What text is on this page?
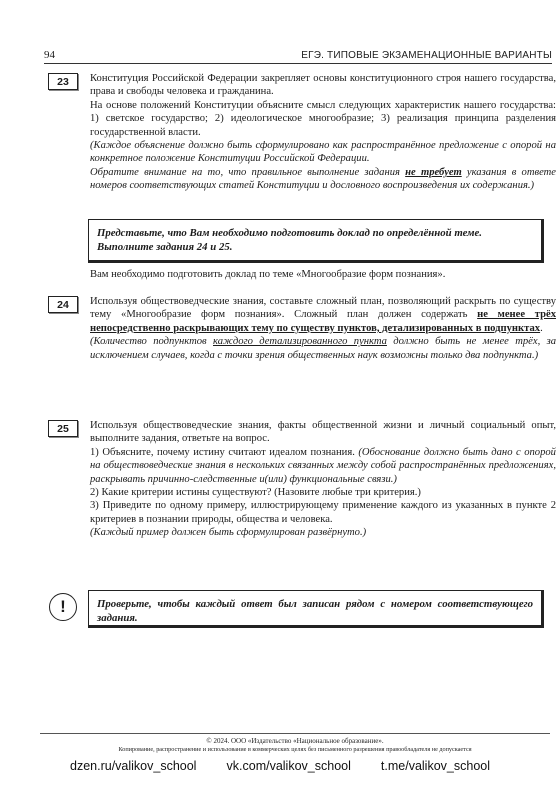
94	ЕГЭ. ТИПОВЫЕ ЭКЗАМЕНАЦИОННЫЕ ВАРИАНТЫ
23	Конституция Российской Федерации закрепляет основы конституционного строя нашего государства, права и свободы человека и гражданина.

На основе положений Конституции объясните смысл следующих характеристик нашего государства: 1) светское государство; 2) идеологическое многообразие; 3) реализация принципа разделения государственной власти.

(Каждое объяснение должно быть сформулировано как распространённое предложение с опорой на конкретное положение Конституции Российской Федерации.

Обратите внимание на то, что правильное выполнение задания не требует указания в ответе номеров соответствующих статей Конституции и дословного воспроизведения их содержания.)

Представьте, что Вам необходимо подготовить доклад по определённой теме. Выполните задания 24 и 25.
Вам необходимо подготовить доклад по теме «Многообразие форм познания».
24	Используя обществоведческие знания, составьте сложный план, позволяющий раскрыть по существу тему «Многообразие форм познания». Сложный план должен содержать не менее трёх непосредственно раскрывающих тему по существу пунктов, детализированных в подпунктах.

(Количество подпунктов каждого детализированного пункта должно быть не менее трёх, за исключением случаев, когда с точки зрения общественных наук возможны только два подпункта.)

25	Используя обществоведческие знания, факты общественной жизни и личный социальный опыт, выполните задания, ответьте на вопрос.

1) Объясните, почему истину считают идеалом познания. (Обоснование должно быть дано с опорой на обществоведческие знания в нескольких связанных между собой распространённых предложениях, раскрывать причинно-следственные и(или) функциональные связи.)

2) Какие критерии истины существуют? (Назовите любые три критерия.)

3) Приведите по одному примеру, иллюстрирующему применение каждого из указанных в пункте 2 критериев в познании природы, общества и человека.

(Каждый пример должен быть сформулирован развёрнуто.)

!	Проверьте, чтобы каждый ответ был записан рядом с номером соответствующего задания.
© 2024. ООО «Издательство «Национальное образование».
Копирование, распространение и использование в коммерческих целях без письменного разрешения правообладателя не допускается
dzen.ru/valikov_school vk.com/valikov_school t.me/valikov_school
